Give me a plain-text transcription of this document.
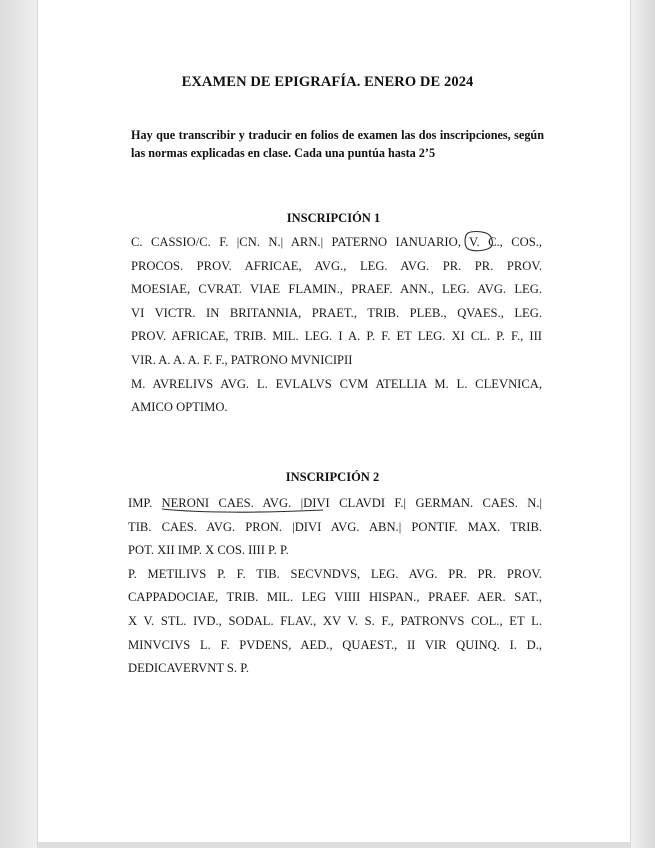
EXAMEN DE EPIGRAFÍA. ENERO DE 2024
Hay que transcribir y traducir en folios de examen las dos inscripciones, según las normas explicadas en clase. Cada una puntúa hasta 2’5
INSCRIPCIÓN 1
C. CASSIO/C. F. |CN. N.| ARN.| PATERNO IANUARIO, V. C., COS.,
PROCOS. PROV. AFRICAE, AVG., LEG. AVG. PR. PR. PROV.
MOESIAE, CVRAT. VIAE FLAMIN., PRAEF. ANN., LEG. AVG. LEG.
VI VICTR. IN BRITANNIA, PRAET., TRIB. PLEB., QVAES., LEG.
PROV. AFRICAE, TRIB. MIL. LEG. I A. P. F. ET LEG. XI CL. P. F., III
VIR. A. A. A. F. F., PATRONO MVNICIPII
M. AVRELIVS AVG. L. EVLALVS CVM ATELLIA M. L. CLEVNICA,
AMICO OPTIMO.
INSCRIPCIÓN 2
IMP. NERONI CAES. AVG. |DIVI CLAVDI F.| GERMAN. CAES. N.|
TIB. CAES. AVG. PRON. |DIVI AVG. ABN.| PONTIF. MAX. TRIB.
POT. XII IMP. X COS. IIII P. P.
P. METILIVS P. F. TIB. SECVNDVS, LEG. AVG. PR. PR. PROV.
CAPPADOCIAE, TRIB. MIL. LEG VIIII HISPAN., PRAEF. AER. SAT.,
X V. STL. IVD., SODAL. FLAV., XV V. S. F., PATRONVS COL., ET L.
MINVCIVS L. F. PVDENS, AED., QUAEST., II VIR QUINQ. I. D.,
DEDICAVERVNT S. P.
